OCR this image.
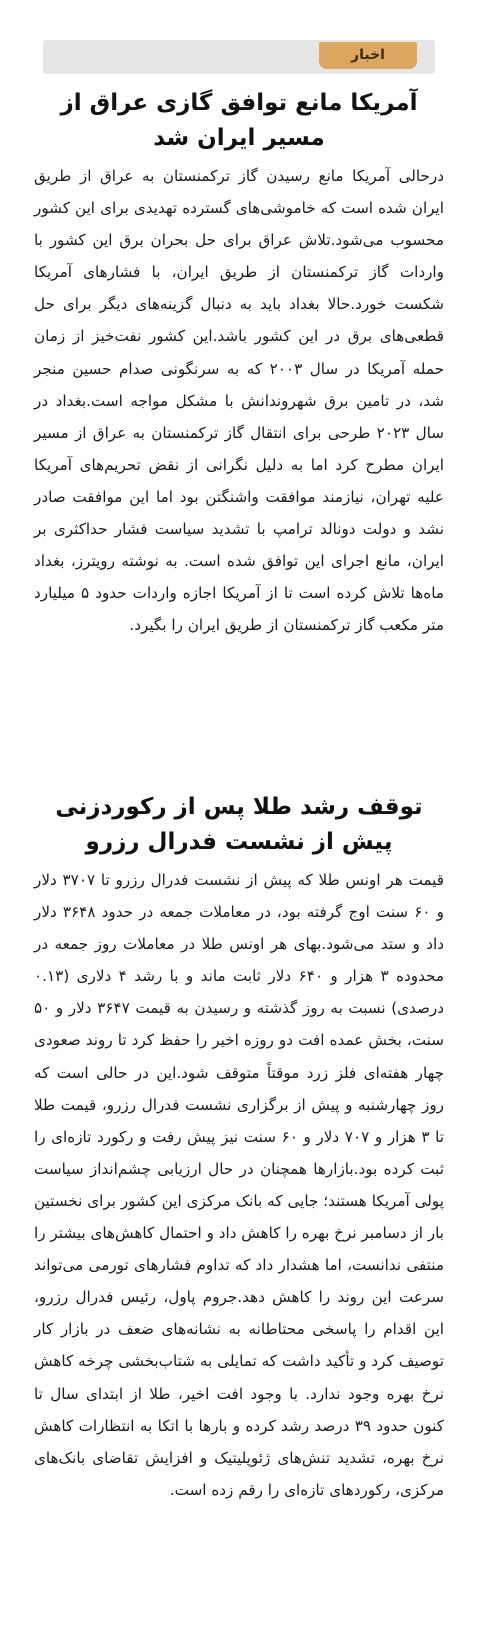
اخبار
آمریکا مانع توافق گازی عراق از مسیر ایران شد

درحالی آمریکا مانع رسیدن گاز ترکمنستان به عراق از طریق ایران شده است که خاموشی‌های گسترده تهدیدی برای این کشور محسوب می‌شود.تلاش عراق برای حل بحران برق این کشور با واردات گاز ترکمنستان از طریق ایران، با فشارهای آمریکا شکست خورد.حالا بغداد باید به دنبال گزینه‌های دیگر برای حل قطعی‌های برق در این کشور باشد.این کشور نفت‌خیز از زمان حمله آمریکا در سال ۲۰۰۳ که به سرنگونی صدام حسین منجر شد، در تامین برق شهروندانش با مشکل مواجه است.بغداد در سال ۲۰۲۳ طرحی برای انتقال گاز ترکمنستان به عراق از مسیر ایران مطرح کرد اما به دلیل نگرانی از نقض تحریم‌های آمریکا علیه تهران، نیازمند موافقت واشنگتن بود اما این موافقت صادر نشد و دولت دونالد ترامپ با تشدید سیاست فشار حداکثری بر ایران، مانع اجرای این توافق شده است. به نوشته رویترز، بغداد ماه‌ها تلاش کرده است تا از آمریکا اجازه واردات حدود ۵ میلیارد متر مکعب گاز ترکمنستان از طریق ایران را بگیرد.

توقف رشد طلا پس از رکوردزنی پیش از نشست فدرال رزرو

قیمت هر اونس طلا که پیش از نشست فدرال رزرو تا ۳۷۰۷ دلار و ۶۰ سنت اوج گرفته بود، در معاملات جمعه در حدود ۳۶۴۸ دلار داد و ستد می‌شود.بهای هر اونس طلا در معاملات روز جمعه در محدوده ۳ هزار و ۶۴۰ دلار ثابت ماند و با رشد ۴ دلاری (۰.۱۳ درصدی) نسبت به روز گذشته و رسیدن به قیمت ۳۶۴۷ دلار و ۵۰ سنت، بخش عمده افت دو روزه اخیر را حفظ کرد تا روند صعودی چهار هفته‌ای فلز زرد موقتاً متوقف شود.این در حالی است که روز چهارشنبه و پیش از برگزاری نشست فدرال رزرو، قیمت طلا تا ۳ هزار و ۷۰۷ دلار و ۶۰ سنت نیز پیش رفت و رکورد تازه‌ای را ثبت کرده بود.بازارها همچنان در حال ارزیابی چشم‌انداز سیاست پولی آمریکا هستند؛ جایی که بانک مرکزی این کشور برای نخستین بار از دسامبر نرخ بهره را کاهش داد و احتمال کاهش‌های بیشتر را منتفی ندانست، اما هشدار داد که تداوم فشارهای تورمی می‌تواند سرعت این روند را کاهش دهد.جروم پاول، رئیس فدرال رزرو، این اقدام را پاسخی محتاطانه به نشانه‌های ضعف در بازار کار توصیف کرد و تأکید داشت که تمایلی به شتاب‌بخشی چرخه کاهش نرخ بهره وجود ندارد. با وجود افت اخیر، طلا از ابتدای سال تا کنون حدود ۳۹ درصد رشد کرده و بارها با اتکا به انتظارات کاهش نرخ بهره، تشدید تنش‌های ژئوپلیتیک و افزایش تقاضای بانک‌های مرکزی، رکوردهای تازه‌ای را رقم زده است.
